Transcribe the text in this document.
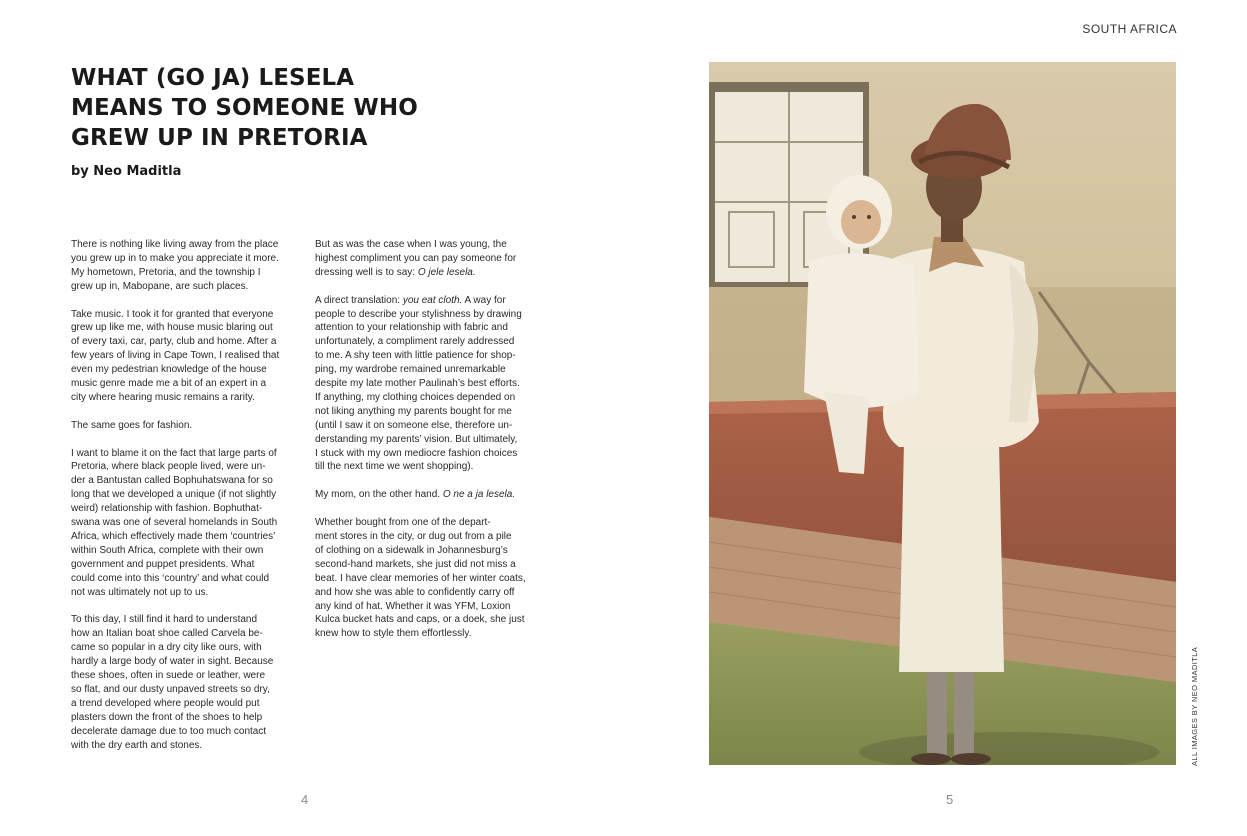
SOUTH AFRICA
WHAT (GO JA) LESELA
MEANS TO SOMEONE WHO
GREW UP IN PRETORIA
by Neo Maditla

There is nothing like living away from the place
you grew up in to make you appreciate it more.
My hometown, Pretoria, and the township I
grew up in, Mabopane, are such places.

Take music. I took it for granted that everyone
grew up like me, with house music blaring out
of every taxi, car, party, club and home. After a
few years of living in Cape Town, I realised that
even my pedestrian knowledge of the house
music genre made me a bit of an expert in a
city where hearing music remains a rarity.

The same goes for fashion.

I want to blame it on the fact that large parts of
Pretoria, where black people lived, were un-
der a Bantustan called Bophuhatswana for so
long that we developed a unique (if not slightly
weird) relationship with fashion. Bophuthat-
swana was one of several homelands in South
Africa, which effectively made them ‘countries’
within South Africa, complete with their own
government and puppet presidents. What
could come into this ‘country’ and what could
not was ultimately not up to us.

To this day, I still find it hard to understand
how an Italian boat shoe called Carvela be-
came so popular in a dry city like ours, with
hardly a large body of water in sight. Because
these shoes, often in suede or leather, were
so flat, and our dusty unpaved streets so dry,
a trend developed where people would put
plasters down the front of the shoes to help
decelerate damage due to too much contact
with the dry earth and stones.

But as was the case when I was young, the
highest compliment you can pay someone for
dressing well is to say: O jele lesela.

A direct translation: you eat cloth. A way for
people to describe your stylishness by drawing
attention to your relationship with fabric and
unfortunately, a compliment rarely addressed
to me. A shy teen with little patience for shop-
ping, my wardrobe remained unremarkable
despite my late mother Paulinah’s best efforts.
If anything, my clothing choices depended on
not liking anything my parents bought for me
(until I saw it on someone else, therefore un-
derstanding my parents’ vision. But ultimately,
I stuck with my own mediocre fashion choices
till the next time we went shopping).

My mom, on the other hand. O ne a ja lesela.

Whether bought from one of the depart-
ment stores in the city, or dug out from a pile
of clothing on a sidewalk in Johannesburg’s
second-hand markets, she just did not miss a
beat. I have clear memories of her winter coats,
and how she was able to confidently carry off
any kind of hat. Whether it was YFM, Loxion
Kulca bucket hats and caps, or a doek, she just
knew how to style them effortlessly.

4	5
ALL IMAGES BY NEO MADITLA
